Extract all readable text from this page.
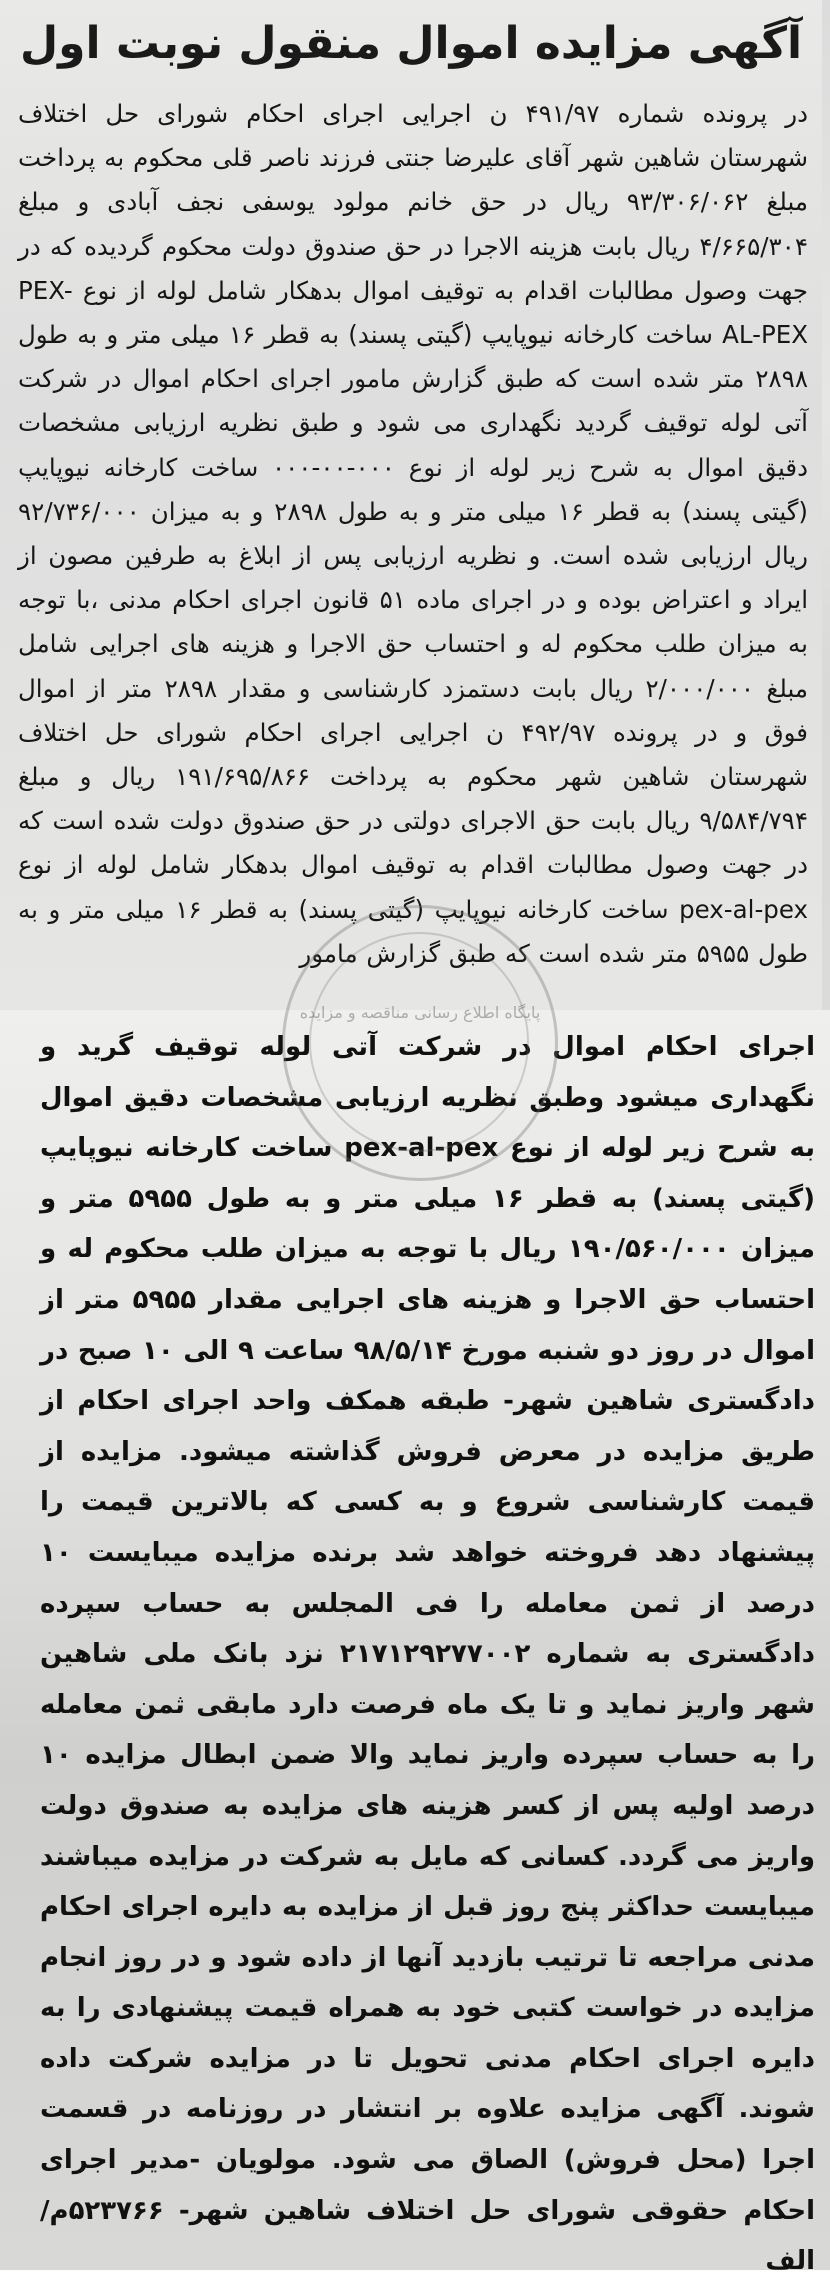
آگهی مزایده اموال منقول نوبت اول
در پرونده شماره ۴۹۱/۹۷ ن اجرایی اجرای احکام شورای حل اختلاف شهرستان شاهین شهر آقای علیرضا جنتی فرزند ناصر قلی محکوم به پرداخت مبلغ ۹۳/۳۰۶/۰۶۲ ریال در حق خانم مولود یوسفی نجف آبادی و مبلغ ۴/۶۶۵/۳۰۴ ریال بابت هزینه الاجرا در حق صندوق دولت محکوم گردیده که در جهت وصول مطالبات اقدام به توقیف اموال بدهکار شامل لوله از نوع PEX-AL-PEX ساخت کارخانه نیوپایپ (گیتی پسند) به قطر ۱۶ میلی متر و به طول ۲۸۹۸ متر شده است که طبق گزارش مامور اجرای احکام اموال در شرکت آتی لوله توقیف گردید نگهداری می شود و طبق نظریه ارزیابی مشخصات دقیق اموال به شرح زیر لوله از نوع ۰۰۰-۰۰-۰۰۰ ساخت کارخانه نیوپایپ (گیتی پسند) به قطر ۱۶ میلی متر و به طول ۲۸۹۸ و به میزان ۹۲/۷۳۶/۰۰۰ ریال ارزیابی شده است. و نظریه ارزیابی پس از ابلاغ به طرفین مصون از ایراد و اعتراض بوده و در اجرای ماده ۵۱ قانون اجرای احکام مدنی ،با توجه به میزان طلب محکوم له و احتساب حق الاجرا و هزینه های اجرایی شامل مبلغ ۲/۰۰۰/۰۰۰ ریال بابت دستمزد کارشناسی و مقدار ۲۸۹۸ متر از اموال فوق و در پرونده ۴۹۲/۹۷ ن اجرایی اجرای احکام شورای حل اختلاف شهرستان شاهین شهر محکوم به پرداخت ۱۹۱/۶۹۵/۸۶۶ ریال و مبلغ ۹/۵۸۴/۷۹۴ ریال بابت حق الاجرای دولتی در حق صندوق دولت شده است که در جهت وصول مطالبات اقدام به توقیف اموال بدهکار شامل لوله از نوع pex-al-pex ساخت کارخانه نیوپایپ (گیتی پسند) به قطر ۱۶ میلی متر و به طول ۵۹۵۵ متر شده است که طبق گزارش مامور
اجرای احکام اموال در شرکت آتی لوله توقیف گرید و نگهداری میشود وطبق نظریه ارزیابی مشخصات دقیق اموال به شرح زیر لوله از نوع pex-al-pex ساخت کارخانه نیوپایپ (گیتی پسند) به قطر ۱۶ میلی متر و به طول ۵۹۵۵ متر و میزان ۱۹۰/۵۶۰/۰۰۰ ریال با توجه به میزان طلب محکوم له و احتساب حق الاجرا و هزینه های اجرایی مقدار ۵۹۵۵ متر از اموال در روز دو شنبه مورخ ۹۸/۵/۱۴ ساعت ۹ الی ۱۰ صبح در دادگستری شاهین شهر- طبقه همکف واحد اجرای احکام از طریق مزایده در معرض فروش گذاشته میشود. مزایده از قیمت کارشناسی شروع و به کسی که بالاترین قیمت را پیشنهاد دهد فروخته خواهد شد برنده مزایده میبایست ۱۰ درصد از ثمن معامله را فی المجلس به حساب سپرده دادگستری به شماره ۲۱۷۱۲۹۲۷۷۰۰۲ نزد بانک ملی شاهین شهر واریز نماید و تا یک ماه فرصت دارد مابقی ثمن معامله را به حساب سپرده واریز نماید والا ضمن ابطال مزایده ۱۰ درصد اولیه پس از کسر هزینه های مزایده به صندوق دولت واریز می گردد. کسانی که مایل به شرکت در مزایده میباشند میبایست حداکثر پنج روز قبل از مزایده به دایره اجرای احکام مدنی مراجعه تا ترتیب بازدید آنها از داده شود و در روز انجام مزایده در خواست کتبی خود به همراه قیمت پیشنهادی را به دایره اجرای احکام مدنی تحویل تا در مزایده شرکت داده شوند. آگهی مزایده علاوه بر انتشار در روزنامه در قسمت اجرا (محل فروش) الصاق می شود. مولویان -مدیر اجرای احکام حقوقی شورای حل اختلاف شاهین شهر- ۵۲۳۷۶۶م/الف
پایگاه اطلاع رسانی مناقصه و مزایده
